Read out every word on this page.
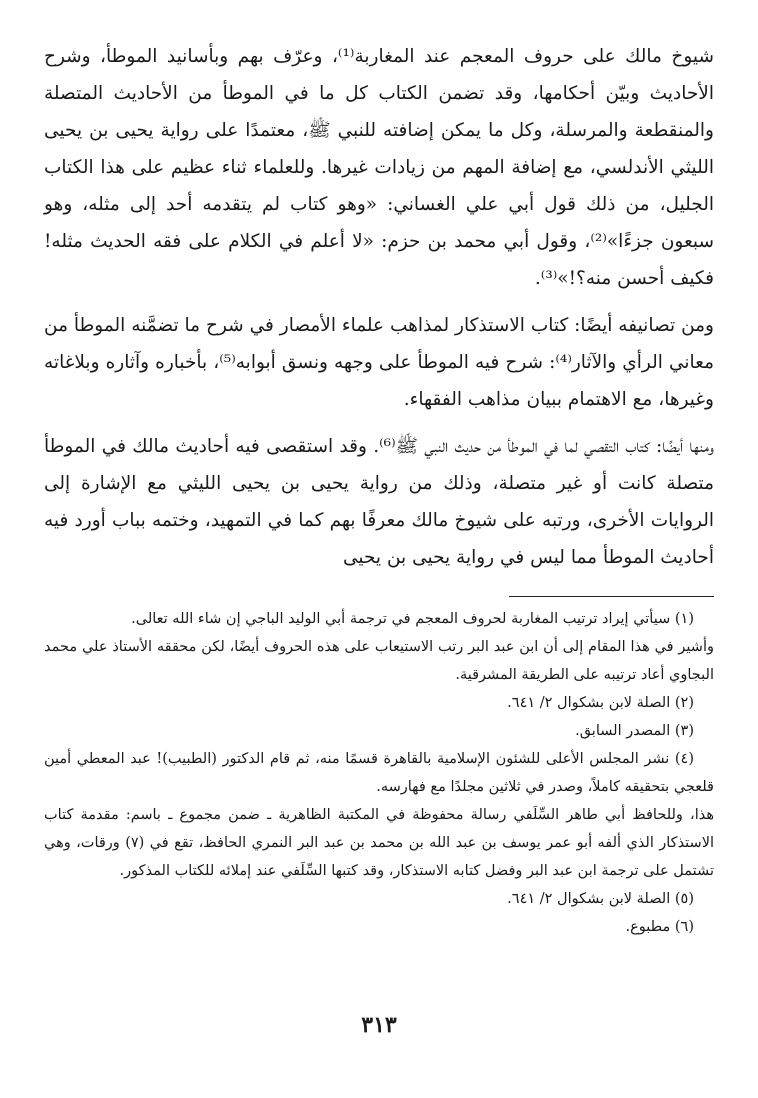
شيوخ مالك على حروف المعجم عند المغاربة⁽¹⁾، وعرّف بهم وبأسانيد الموطأ، وشرح الأحاديث وبيّن أحكامها، وقد تضمن الكتاب كل ما في الموطأ من الأحاديث المتصلة والمنقطعة والمرسلة، وكل ما يمكن إضافته للنبي ﷺ، معتمدًا على رواية يحيى بن يحيى الليثي الأندلسي، مع إضافة المهم من زيادات غيرها. وللعلماء ثناء عظيم على هذا الكتاب الجليل، من ذلك قول أبي علي الغساني: «وهو كتاب لم يتقدمه أحد إلى مثله، وهو سبعون جزءًا»⁽²⁾، وقول أبي محمد بن حزم: «لا أعلم في الكلام على فقه الحديث مثله! فكيف أحسن منه؟!»⁽³⁾.

ومن تصانيفه أيضًا: كتاب الاستذكار لمذاهب علماء الأمصار في شرح ما تضمَّنه الموطأ من معاني الرأي والآثار⁽⁴⁾: شرح فيه الموطأ على وجهه ونسق أبوابه⁽⁵⁾، بأخباره وآثاره وبلاغاته وغيرها، مع الاهتمام ببيان مذاهب الفقهاء.

ومنها أيضًا: كتاب التقصي لما في الموطأ من حديث النبي ﷺ⁽⁶⁾. وقد استقصى فيه أحاديث مالك في الموطأ متصلة كانت أو غير متصلة، وذلك من رواية يحيى بن يحيى الليثي مع الإشارة إلى الروايات الأخرى، ورتبه على شيوخ مالك معرفًا بهم كما في التمهيد، وختمه بباب أورد فيه أحاديث الموطأ مما ليس في رواية يحيى بن يحيى

(١) سيأتي إيراد ترتيب المغاربة لحروف المعجم في ترجمة أبي الوليد الباجي إن شاء الله تعالى.

وأشير في هذا المقام إلى أن ابن عبد البر رتب الاستيعاب على هذه الحروف أيضًا، لكن محققه الأستاذ علي محمد البجاوي أعاد ترتيبه على الطريقة المشرقية.

(٢) الصلة لابن بشكوال ٢/ ٦٤١.

(٣) المصدر السابق.

(٤) نشر المجلس الأعلى للشئون الإسلامية بالقاهرة قسمًا منه، ثم قام الدكتور (الطبيب)! عبد المعطي أمين قلعجي بتحقيقه كاملاً، وصدر في ثلاثين مجلدًا مع فهارسه.

هذا، وللحافظ أبي طاهر السِّلَفي رسالة محفوظة في المكتبة الظاهرية ـ ضمن مجموع ـ باسم: مقدمة كتاب الاستذكار الذي ألفه أبو عمر يوسف بن عبد الله بن محمد بن عبد البر النمري الحافظ، تقع في (٧) ورقات، وهي تشتمل على ترجمة ابن عبد البر وفضل كتابه الاستذكار، وقد كتبها السِّلَفي عند إملائه للكتاب المذكور.

(٥) الصلة لابن بشكوال ٢/ ٦٤١.

(٦) مطبوع.

٣١٣
